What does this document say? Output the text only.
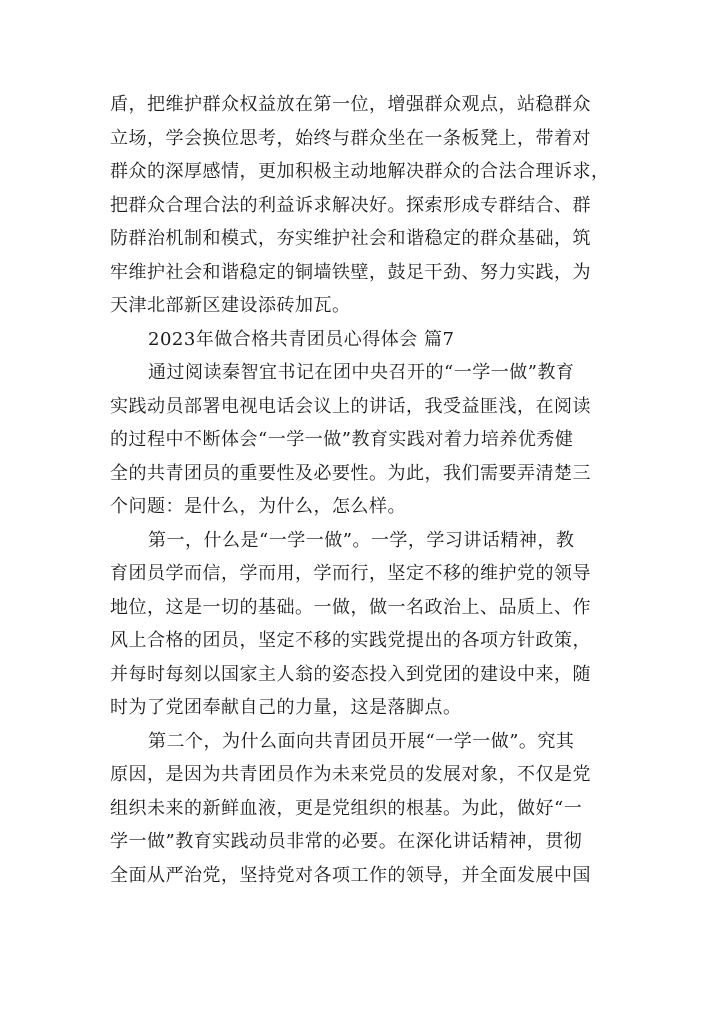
盾，把维护群众权益放在第一位，增强群众观点，站稳群众
立场，学会换位思考，始终与群众坐在一条板凳上，带着对
群众的深厚感情，更加积极主动地解决群众的合法合理诉求，
把群众合理合法的利益诉求解决好。探索形成专群结合、群
防群治机制和模式，夯实维护社会和谐稳定的群众基础，筑
牢维护社会和谐稳定的铜墙铁壁，鼓足干劲、努力实践，为
天津北部新区建设添砖加瓦。
2023年做合格共青团员心得体会 篇7
通过阅读秦智宜书记在团中央召开的“一学一做”教育
实践动员部署电视电话会议上的讲话，我受益匪浅，在阅读
的过程中不断体会“一学一做”教育实践对着力培养优秀健
全的共青团员的重要性及必要性。为此，我们需要弄清楚三
个问题：是什么，为什么，怎么样。
第一，什么是“一学一做”。一学，学习讲话精神，教
育团员学而信，学而用，学而行，坚定不移的维护党的领导
地位，这是一切的基础。一做，做一名政治上、品质上、作
风上合格的团员，坚定不移的实践党提出的各项方针政策，
并每时每刻以国家主人翁的姿态投入到党团的建设中来，随
时为了党团奉献自己的力量，这是落脚点。
第二个，为什么面向共青团员开展“一学一做”。究其
原因，是因为共青团员作为未来党员的发展对象，不仅是党
组织未来的新鲜血液，更是党组织的根基。为此，做好“一
学一做”教育实践动员非常的必要。在深化讲话精神，贯彻
全面从严治党，坚持党对各项工作的领导，并全面发展中国
